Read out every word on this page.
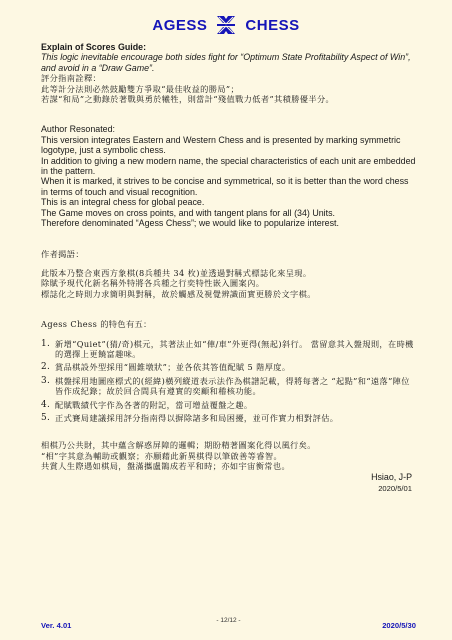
AGESS	CHESS

Explain of Scores Guide:

This logic inevitable encourage both sides fight for “Optimum State Profitability Aspect of Win”, and avoid in a “Draw Game”.

評分指南詮釋：

此等計分法則必然鼓勵雙方爭取“最佳收益的勝局”；

若謀“和局”之動錄於著戰與勇於犧牲，則當計“殘值戰力低者”其積勝優半分。

Author Resonated:

This version integrates Eastern and Western Chess and is presented by marking symmetric logotype, just a symbolic chess.

In addition to giving a new modern name, the special characteristics of each unit are embedded in the pattern.

When it is marked, it strives to be concise and symmetrical, so it is better than the word chess in terms of touch and visual recognition.

This is an integral chess for global peace.

The Game moves on cross points, and with tangent plans for all (34) Units.

Therefore denominated “Agess Chess”; we would like to popularize interest.

作者揭語：

此版本乃整合東西方象棋(8兵種共 34 枚)並透過對稱式標誌化來呈現。

除賦予現代化新名稱外特將各兵種之行奕特性嵌入圖案內。

標誌化之時則力求簡明與對稱，故於觸感及視覺辨識面實更勝於文字棋。

Agess Chess 的特色有五：

1. 新增“Quiet”(猜/奇)棋元，其著法止如“俥/車”外更得(無起)斜行。 當留意其入盤規則，在時機的選擇上更饒富趣味。
2. 賞品棋設外型採用“圓錐墩狀”；並各依其答值配賦 5 階厚度。
3. 棋盤採用地圖座標式的(經緯)橫列縱道表示法作為棋譜記載，得將每著之 “起點”和“遠落”陣位皆作成紀錄；故於回合間具有遵實的奕顧和稽核功能。
4. 配賦戰績代字作為各著的附記，當可增益覆盤之趣。
5. 正式賽局建議採用評分指南得以摒除諸多和局困擾，並可作實力相對評估。

相棋乃公共財，其中蘊含解惑屏障的邏輯；期盼精著圖案化得以風行矣。

“相”字其意為輔助或觀察；亦願藉此新異棋得以筆啟善等睿智。

共賞人生際遇如棋局，盤滿攜盧鵲成若平和時；亦如宇宙衡常也。

Hsiao, J-P
2020/5/01
Ver. 4.01
- 12/12 -
2020/5/30
